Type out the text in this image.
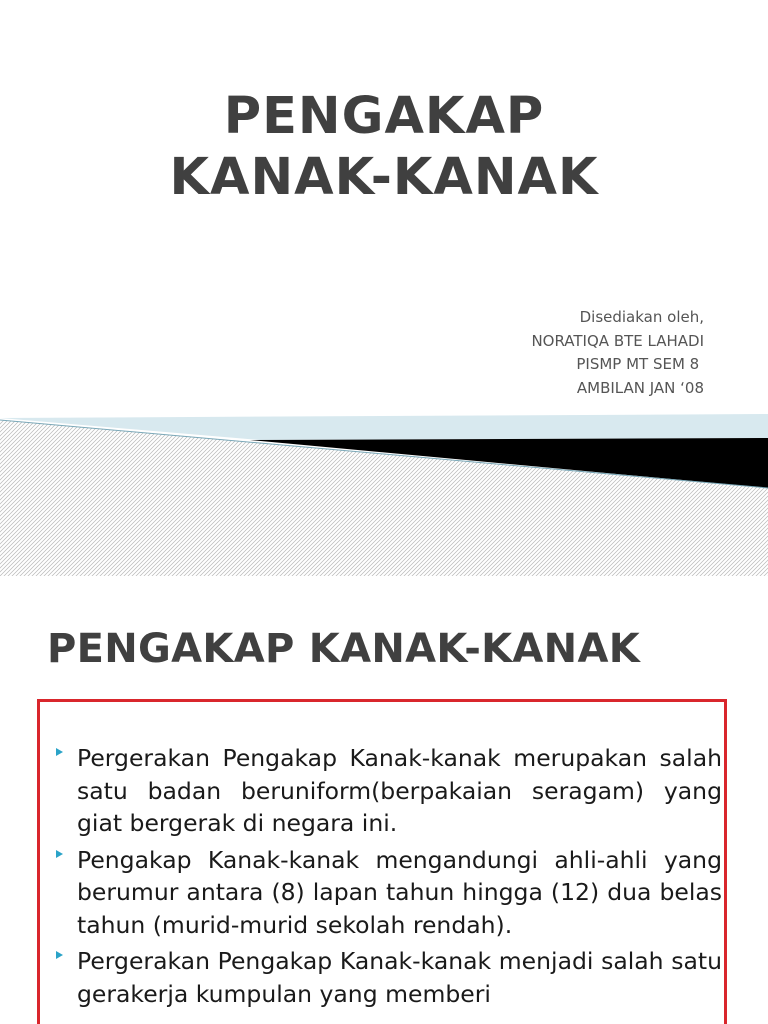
PENGAKAP
KANAK-KANAK
Disediakan oleh,
NORATIQA BTE LAHADI
PISMP MT SEM 8
AMBILAN JAN ‘08
PENGAKAP KANAK-KANAK
Pergerakan Pengakap Kanak-kanak merupakan salah satu badan beruniform(berpakaian seragam) yang giat bergerak di negara ini.
Pengakap Kanak-kanak mengandungi ahli-ahli yang berumur antara (8) lapan tahun hingga (12) dua belas tahun (murid-murid sekolah rendah).
Pergerakan Pengakap Kanak-kanak menjadi salah satu gerakerja kumpulan yang memberi
